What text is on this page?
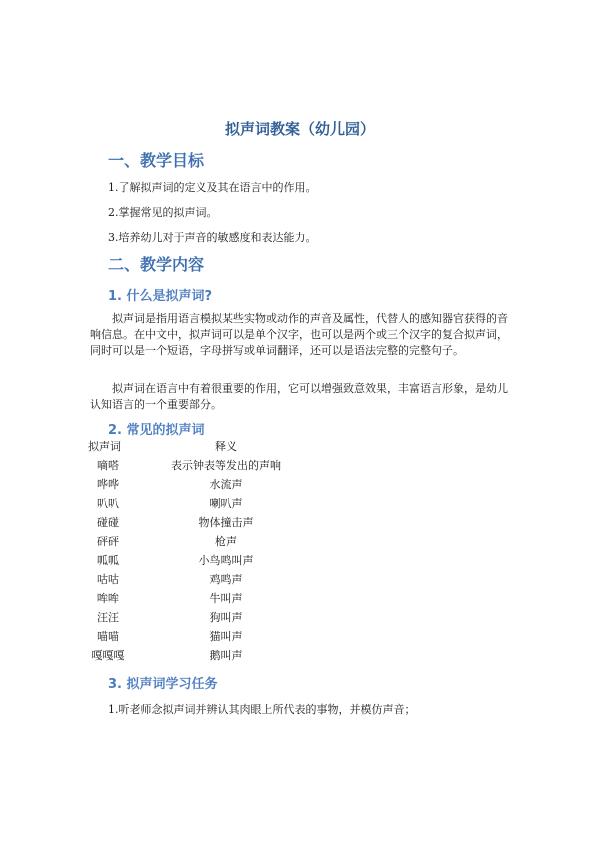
拟声词教案（幼儿园）
一、教学目标
1.了解拟声词的定义及其在语言中的作用。
2.掌握常见的拟声词。
3.培养幼儿对于声音的敏感度和表达能力。
二、教学内容
1. 什么是拟声词?
拟声词是指用语言模拟某些实物或动作的声音及属性，代替人的感知器官获得的音响信息。在中文中，拟声词可以是单个汉字，也可以是两个或三个汉字的复合拟声词，同时可以是一个短语，字母拼写或单词翻译，还可以是语法完整的完整句子。
拟声词在语言中有着很重要的作用，它可以增强致意效果，丰富语言形象，是幼儿认知语言的一个重要部分。
2. 常见的拟声词
拟声词	释义
嘀嗒	表示钟表等发出的声响
哗哗	水流声
叭叭	喇叭声
碰碰	物体撞击声
砰砰	枪声
呱呱	小鸟鸣叫声
咕咕	鸡鸣声
哞哞	牛叫声
汪汪	狗叫声
喵喵	猫叫声
嘎嘎嘎	鹅叫声
3. 拟声词学习任务
1.听老师念拟声词并辨认其肉眼上所代表的事物，并模仿声音；
